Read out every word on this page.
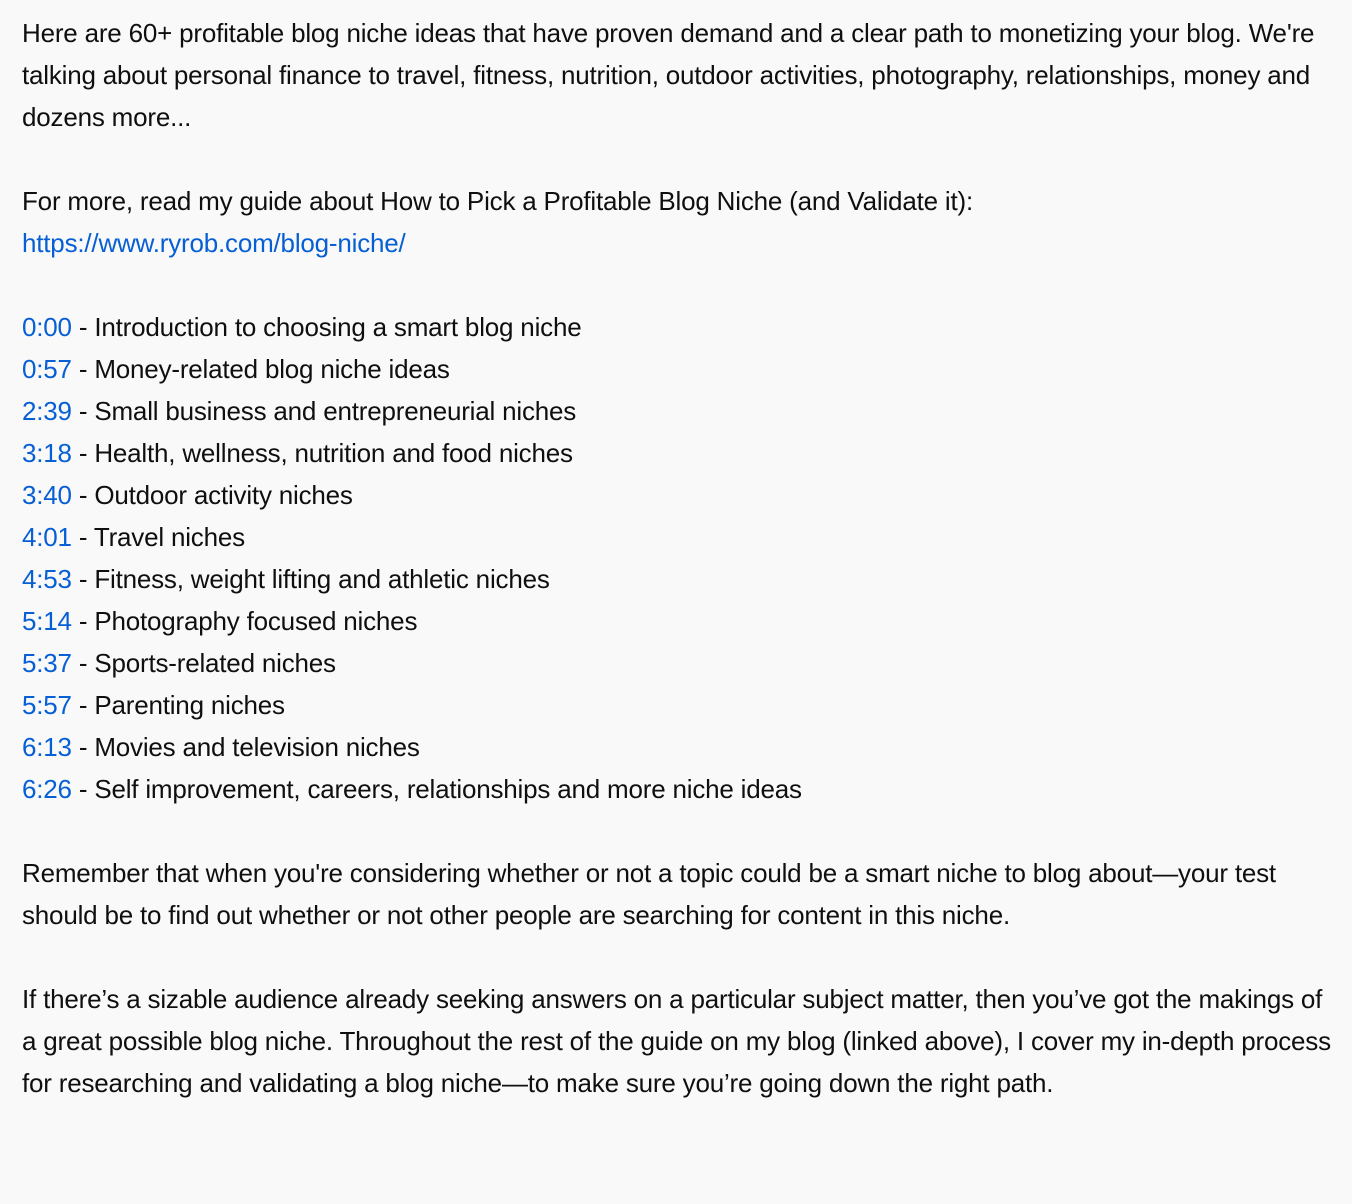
Here are 60+ profitable blog niche ideas that have proven demand and a clear path to monetizing your blog. We're talking about personal finance to travel, fitness, nutrition, outdoor activities, photography, relationships, money and dozens more...

For more, read my guide about How to Pick a Profitable Blog Niche (and Validate it):
https://www.ryrob.com/blog-niche/

0:00 - Introduction to choosing a smart blog niche
0:57 - Money-related blog niche ideas
2:39 - Small business and entrepreneurial niches
3:18 - Health, wellness, nutrition and food niches
3:40 - Outdoor activity niches
4:01 - Travel niches
4:53 - Fitness, weight lifting and athletic niches
5:14 - Photography focused niches
5:37 - Sports-related niches
5:57 - Parenting niches
6:13 - Movies and television niches
6:26 - Self improvement, careers, relationships and more niche ideas

Remember that when you're considering whether or not a topic could be a smart niche to blog about—your test should be to find out whether or not other people are searching for content in this niche.

If there’s a sizable audience already seeking answers on a particular subject matter, then you’ve got the makings of a great possible blog niche. Throughout the rest of the guide on my blog (linked above), I cover my in-depth process for researching and validating a blog niche—to make sure you’re going down the right path.
